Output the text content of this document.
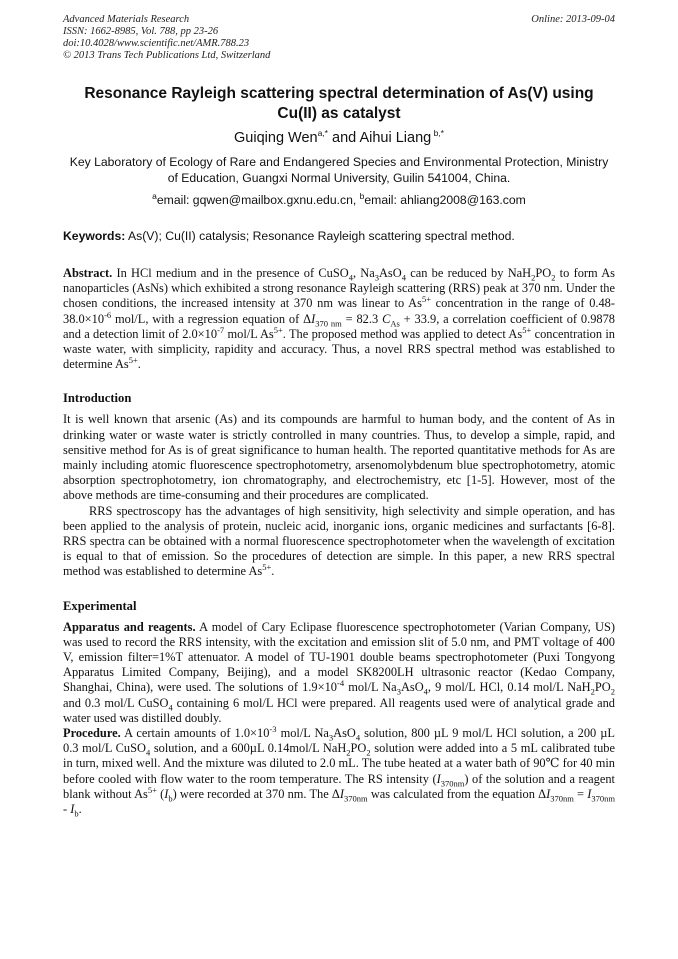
Advanced Materials Research	Online: 2013-09-04
ISSN: 1662-8985, Vol. 788, pp 23-26
doi:10.4028/www.scientific.net/AMR.788.23
© 2013 Trans Tech Publications Ltd, Switzerland
Resonance Rayleigh scattering spectral determination of As(V) using
Cu(II) as catalyst
Guiqing Wen$^{a,*}$ and Aihui Liang $^{b,*}$
Key Laboratory of Ecology of Rare and Endangered Species and Environmental Protection, Ministry of Education, Guangxi Normal University, Guilin 541004, China.
$^a$email: gqwen@mailbox.gxnu.edu.cn, $^b$email: ahliang2008@163.com
Keywords: As(V); Cu(II) catalysis; Resonance Rayleigh scattering spectral method.

Abstract. In HCl medium and in the presence of CuSO$_4$, $Na_3AsO_4$ can be reduced by $NaH_2PO_2$ to form As nanoparticles (AsNs) which exhibited a strong resonance Rayleigh scattering (RRS) peak at 370 nm. Under the chosen conditions, the increased intensity at 370 nm was linear to $As^{5+}$ concentration in the range of $0.48-38.0\times 10^{-6}$ mol/L, with a regression equation of $\Delta I_{370 nm} = 82.3$ $C_{As} + 33.9$, a correlation coefficient of 0.9878 and a detection limit of $2.0\times 10^{-7}$ mol/L $As^{5+}$. The proposed method was applied to detect $As^{5+}$ concentration in waste water, with simplicity, rapidity and accuracy. Thus, a novel RRS spectral method was established to determine $As^{5+}$.

Introduction

It is well known that arsenic (As) and its compounds are harmful to human body, and the content of As in drinking water or waste water is strictly controlled in many countries. Thus, to develop a simple, rapid, and sensitive method for As is of great significance to human health. The reported quantitative methods for As are mainly including atomic fluorescence spectrophotometry, arsenomolybdenum blue spectrophotometry, atomic absorption spectrophotometry, ion chromatography, and electrochemistry, etc [1-5]. However, most of the above methods are time-consuming and their procedures are complicated.

RRS spectroscopy has the advantages of high sensitivity, high selectivity and simple operation, and has been applied to the analysis of protein, nucleic acid, inorganic ions, organic medicines and surfactants [6-8]. RRS spectra can be obtained with a normal fluorescence spectrophotometer when the wavelength of excitation is equal to that of emission. So the procedures of detection are simple. In this paper, a new RRS spectral method was established to determine $As^{5+}$.

Experimental

Apparatus and reagents. A model of Cary Eclipase fluorescence spectrophotometer (Varian Company, US) was used to record the RRS intensity, with the excitation and emission slit of 5.0 nm, and PMT voltage of 400 V, emission filter=1%T attenuator. A model of TU-1901 double beams spectrophotometer (Puxi Tongyong Apparatus Limited Company, Beijing), and a model SK8200LH ultrasonic reactor (Kedao Company, Shanghai, China), were used. The solutions of $1.9\times 10^{-4}$ mol/L $Na_3AsO_4$, 9 mol/L HCl, 0.14 mol/L $NaH_2PO_2$ and 0.3 mol/L CuSO$_4$ containing 6 mol/L HCl were prepared. All reagents used were of analytical grade and water used was distilled doubly.

Procedure. A certain amounts of $1.0\times 10^{-3}$ mol/L $Na_3AsO_4$ solution, 800 µL 9 mol/L HCl solution, a 200 µL 0.3 mol/L CuSO$_4$ solution, and a 600µL 0.14mol/L $NaH_2PO_2$ solution were added into a 5 mL calibrated tube in turn, mixed well. And the mixture was diluted to 2.0 mL. The tube heated at a water bath of 90℃ for 40 min before cooled with flow water to the room temperature. The RS intensity $(I_{370nm})$ of the solution and a reagent blank without $As^{5+}$ $(I_b)$ were recorded at 370 nm. The $\Delta I_{370nm}$ was calculated from the equation $\Delta I_{370nm} = I_{370nm} - I_b$.
